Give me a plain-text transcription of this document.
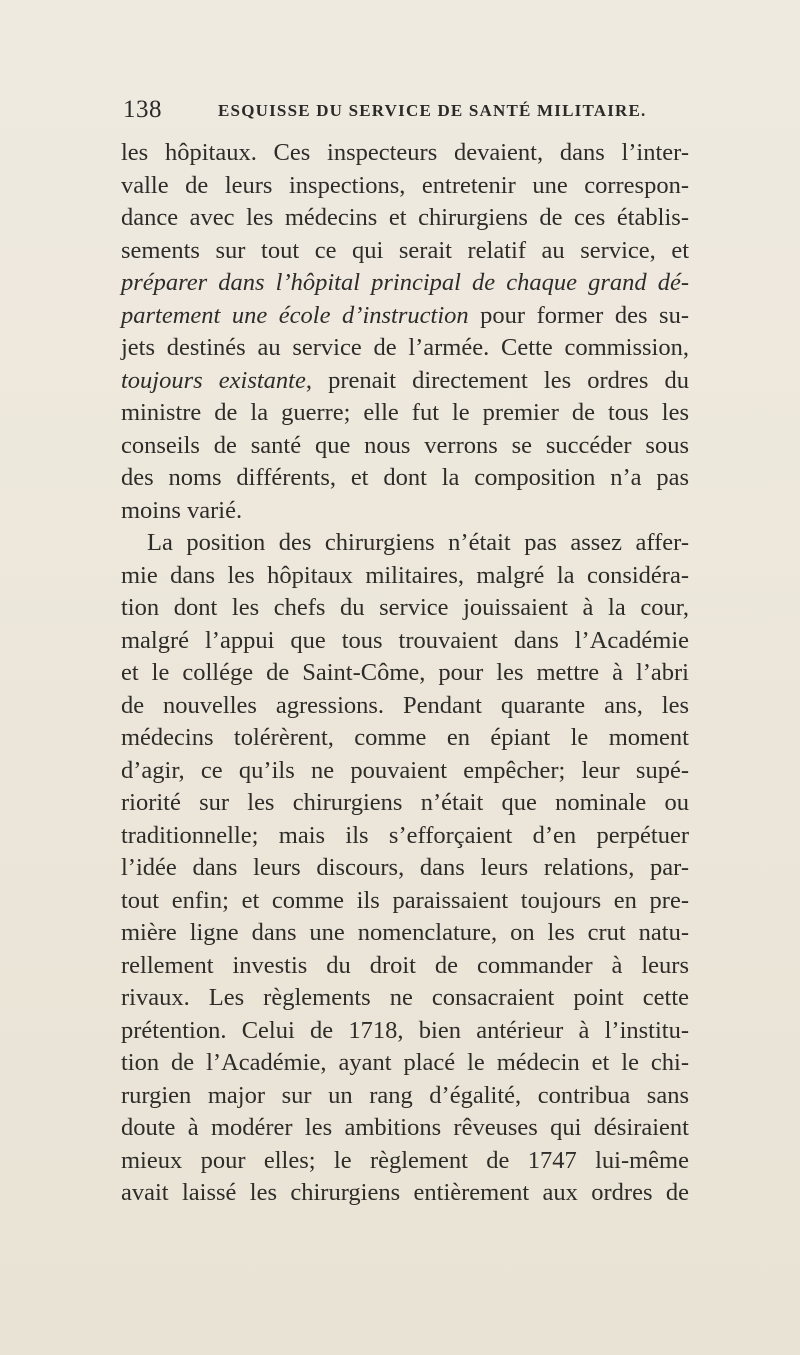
138	ESQUISSE DU SERVICE DE SANTÉ MILITAIRE.
les hôpitaux. Ces inspecteurs devaient, dans l’inter-
valle de leurs inspections, entretenir une correspon-
dance avec les médecins et chirurgiens de ces établis-
sements sur tout ce qui serait relatif au service, et
préparer dans l’hôpital principal de chaque grand dé-
partement une école d’instruction pour former des su-
jets destinés au service de l’armée. Cette commission,
toujours existante, prenait directement les ordres du
ministre de la guerre; elle fut le premier de tous les
conseils de santé que nous verrons se succéder sous
des noms différents, et dont la composition n’a pas
moins varié.
La position des chirurgiens n’était pas assez affer-
mie dans les hôpitaux militaires, malgré la considéra-
tion dont les chefs du service jouissaient à la cour,
malgré l’appui que tous trouvaient dans l’Académie
et le collége de Saint-Côme, pour les mettre à l’abri
de nouvelles agressions. Pendant quarante ans, les
médecins tolérèrent, comme en épiant le moment
d’agir, ce qu’ils ne pouvaient empêcher; leur supé-
riorité sur les chirurgiens n’était que nominale ou
traditionnelle; mais ils s’efforçaient d’en perpétuer
l’idée dans leurs discours, dans leurs relations, par-
tout enfin; et comme ils paraissaient toujours en pre-
mière ligne dans une nomenclature, on les crut natu-
rellement investis du droit de commander à leurs
rivaux. Les règlements ne consacraient point cette
prétention. Celui de 1718, bien antérieur à l’institu-
tion de l’Académie, ayant placé le médecin et le chi-
rurgien major sur un rang d’égalité, contribua sans
doute à modérer les ambitions rêveuses qui désiraient
mieux pour elles; le règlement de 1747 lui-même
avait laissé les chirurgiens entièrement aux ordres de
